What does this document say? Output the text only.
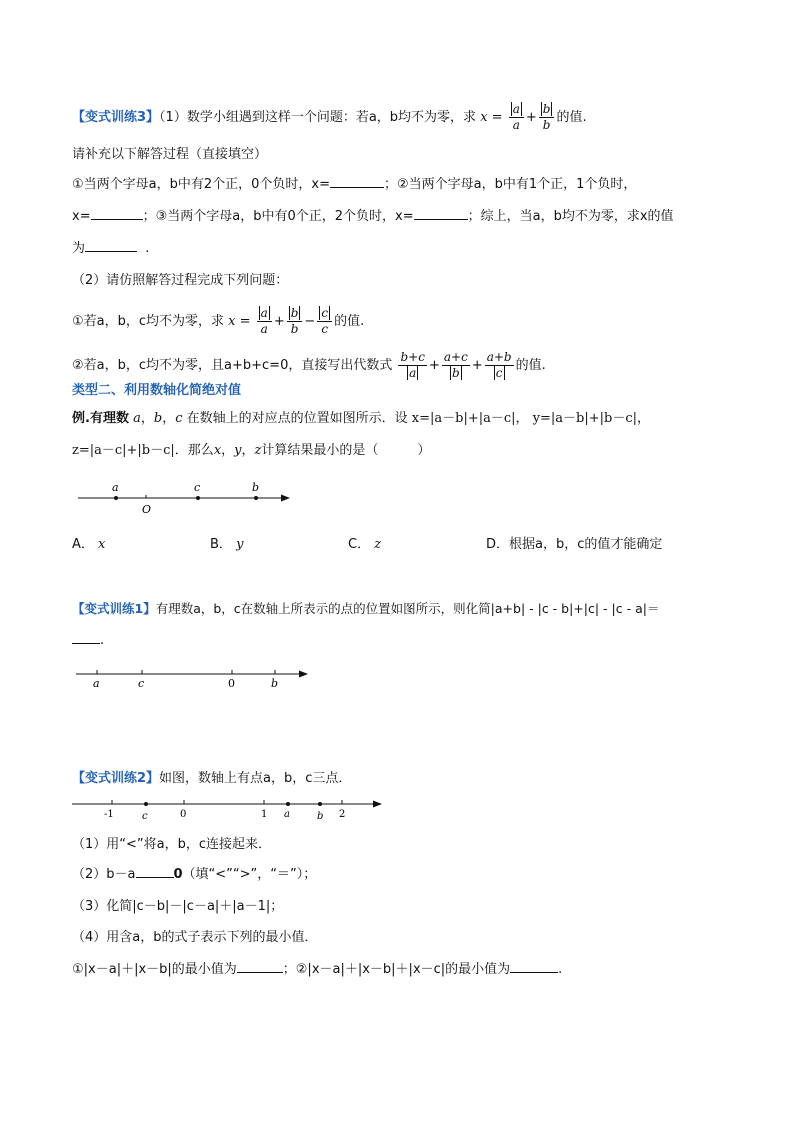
【变式训练3】（1）数学小组遇到这样一个问题：若a，b均不为零，求 $x = \frac{a}{a} + \frac{b}{b}$ 的值.
请补充以下解答过程（直接填空）
①当两个字母a，b中有2个正，0个负时，x=	；②当两个字母a，b中有1个正，1个负时，
x=	；③当两个字母a，b中有0个正，2个负时，x=	；综上，当a，b均不为零，求x的值
为	.
（2）请仿照解答过程完成下列问题：
①若a，b，c均不为零，求 $x = \frac{a}{a} + \frac{b}{b} - \frac{c}{c}$ 的值.
②若a，b，c均不为零，且a+b+c=0，直接写出代数式 $\frac{b+c}{a} + \frac{a+c}{b} + \frac{a+b}{c}$ 的值.
类型二、利用数轴化简绝对值
例.有理数 a，b，c 在数轴上的对应点的位置如图所示．设 x=|a－b|+|a－c|， y=|a－b|+|b－c|，
z=|a－c|+|b－c|．那么x，y，z计算结果最小的是（　　　）
a	c	b
O
A． x	B． y	C． z	D．根据a，b，c的值才能确定
【变式训练1】有理数a，b，c在数轴上所表示的点的位置如图所示，则化简|a+b| - |c - b|+|c| - |c - a|＝
.
a	c	0	b
【变式训练2】如图，数轴上有点a，b，c三点．
-1	c	0	1 a	b 2
（1）用“<”将a，b，c连接起来．
（2）b－a	0（填“<”“>”，“＝”）；
（3）化简|c－b|－|c－a|＋|a－1|；
（4）用含a，b的式子表示下列的最小值．
①|x－a|＋|x－b|的最小值为	；②|x－a|＋|x－b|＋|x－c|的最小值为	.
